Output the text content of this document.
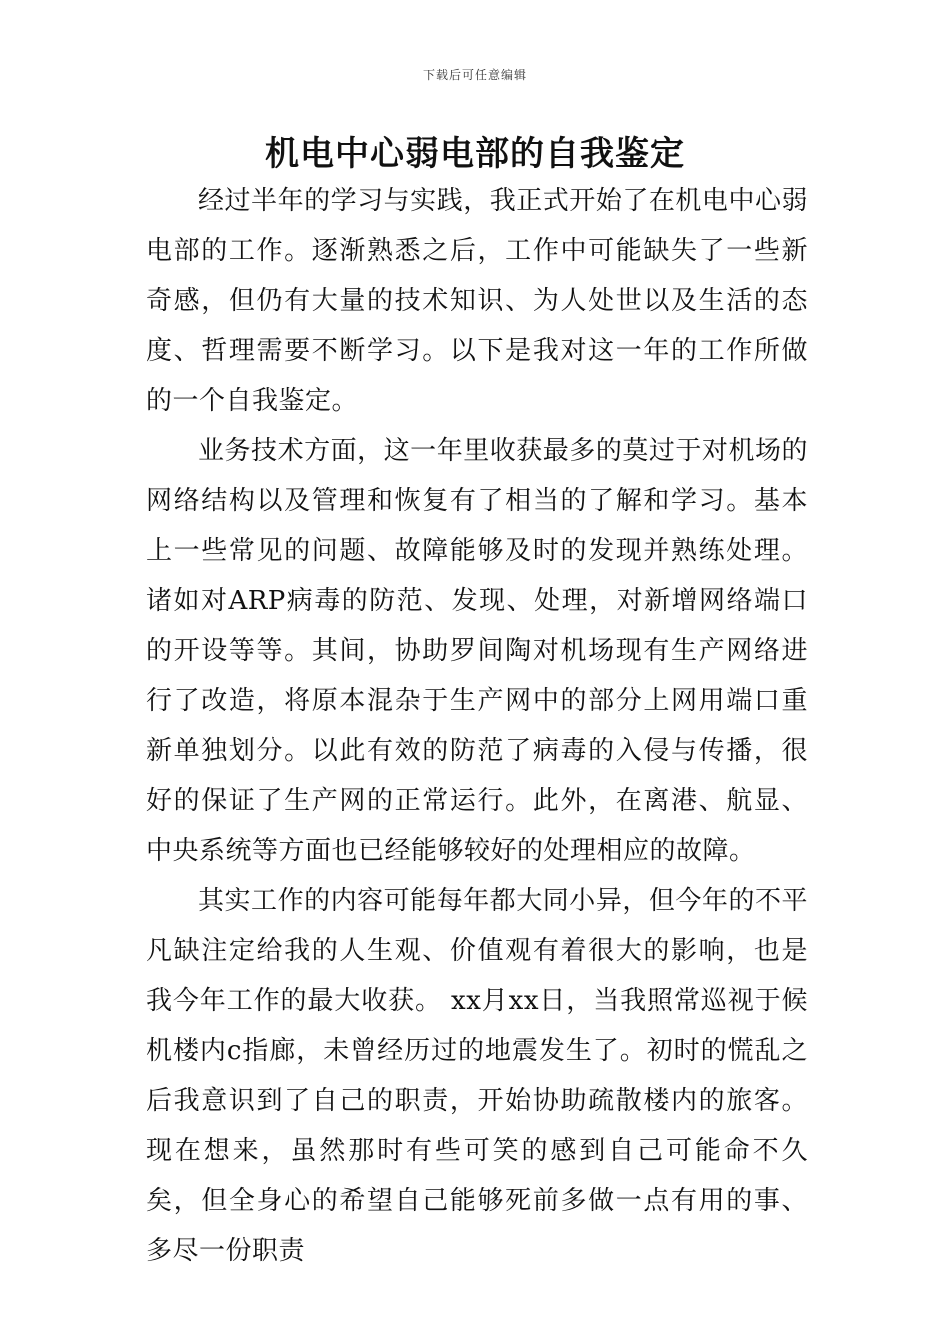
下载后可任意编辑
机电中心弱电部的自我鉴定

经过半年的学习与实践，我正式开始了在机电中心弱电部的工作。逐渐熟悉之后，工作中可能缺失了一些新奇感，但仍有大量的技术知识、为人处世以及生活的态度、哲理需要不断学习。以下是我对这一年的工作所做的一个自我鉴定。

业务技术方面，这一年里收获最多的莫过于对机场的网络结构以及管理和恢复有了相当的了解和学习。基本上一些常见的问题、故障能够及时的发现并熟练处理。诸如对ARP病毒的防范、发现、处理，对新增网络端口的开设等等。其间，协助罗间陶对机场现有生产网络进行了改造，将原本混杂于生产网中的部分上网用端口重新单独划分。以此有效的防范了病毒的入侵与传播，很好的保证了生产网的正常运行。此外，在离港、航显、中央系统等方面也已经能够较好的处理相应的故障。

其实工作的内容可能每年都大同小异，但今年的不平凡缺注定给我的人生观、价值观有着很大的影响，也是我今年工作的最大收获。 xx月xx日，当我照常巡视于候机楼内c指廊，未曾经历过的地震发生了。初时的慌乱之后我意识到了自己的职责，开始协助疏散楼内的旅客。现在想来，虽然那时有些可笑的感到自己可能命不久矣，但全身心的希望自己能够死前多做一点有用的事、多尽一份职责
